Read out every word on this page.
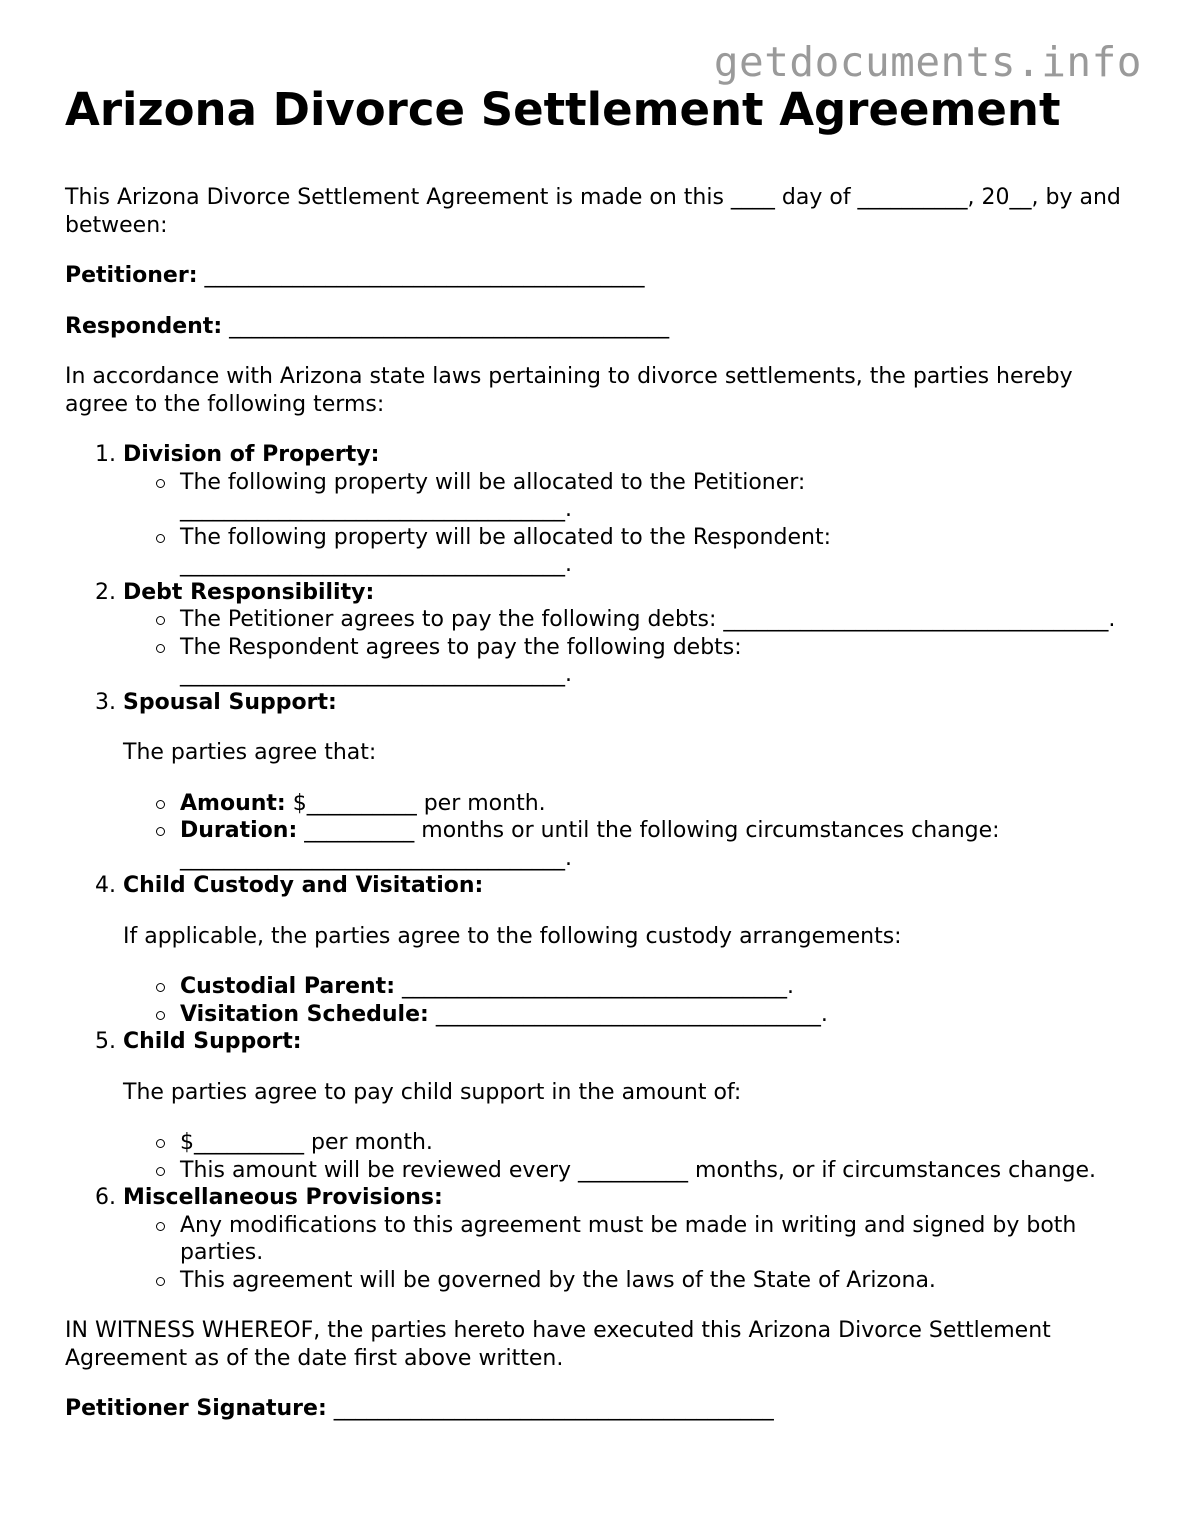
getdocuments.info
Arizona Divorce Settlement Agreement

This Arizona Divorce Settlement Agreement is made on this ____ day of __________, 20__, by and between:

Petitioner: ________________________________________

Respondent: ________________________________________

In accordance with Arizona state laws pertaining to divorce settlements, the parties hereby agree to the following terms:

1. Division of Property:
The following property will be allocated to the Petitioner: ___________________________________.
The following property will be allocated to the Respondent: ___________________________________.
2. Debt Responsibility:
The Petitioner agrees to pay the following debts: ___________________________________.
The Respondent agrees to pay the following debts: ___________________________________.
3. Spousal Support:

The parties agree that:

Amount: $__________ per month.
Duration: __________ months or until the following circumstances change: ___________________________________.
4. Child Custody and Visitation:

If applicable, the parties agree to the following custody arrangements:

Custodial Parent: ___________________________________.
Visitation Schedule: ___________________________________.
5. Child Support:

The parties agree to pay child support in the amount of:

$__________ per month.
This amount will be reviewed every __________ months, or if circumstances change.
6. Miscellaneous Provisions:
Any modifications to this agreement must be made in writing and signed by both parties.
This agreement will be governed by the laws of the State of Arizona.

IN WITNESS WHEREOF, the parties hereto have executed this Arizona Divorce Settlement Agreement as of the date first above written.

Petitioner Signature: ________________________________________
